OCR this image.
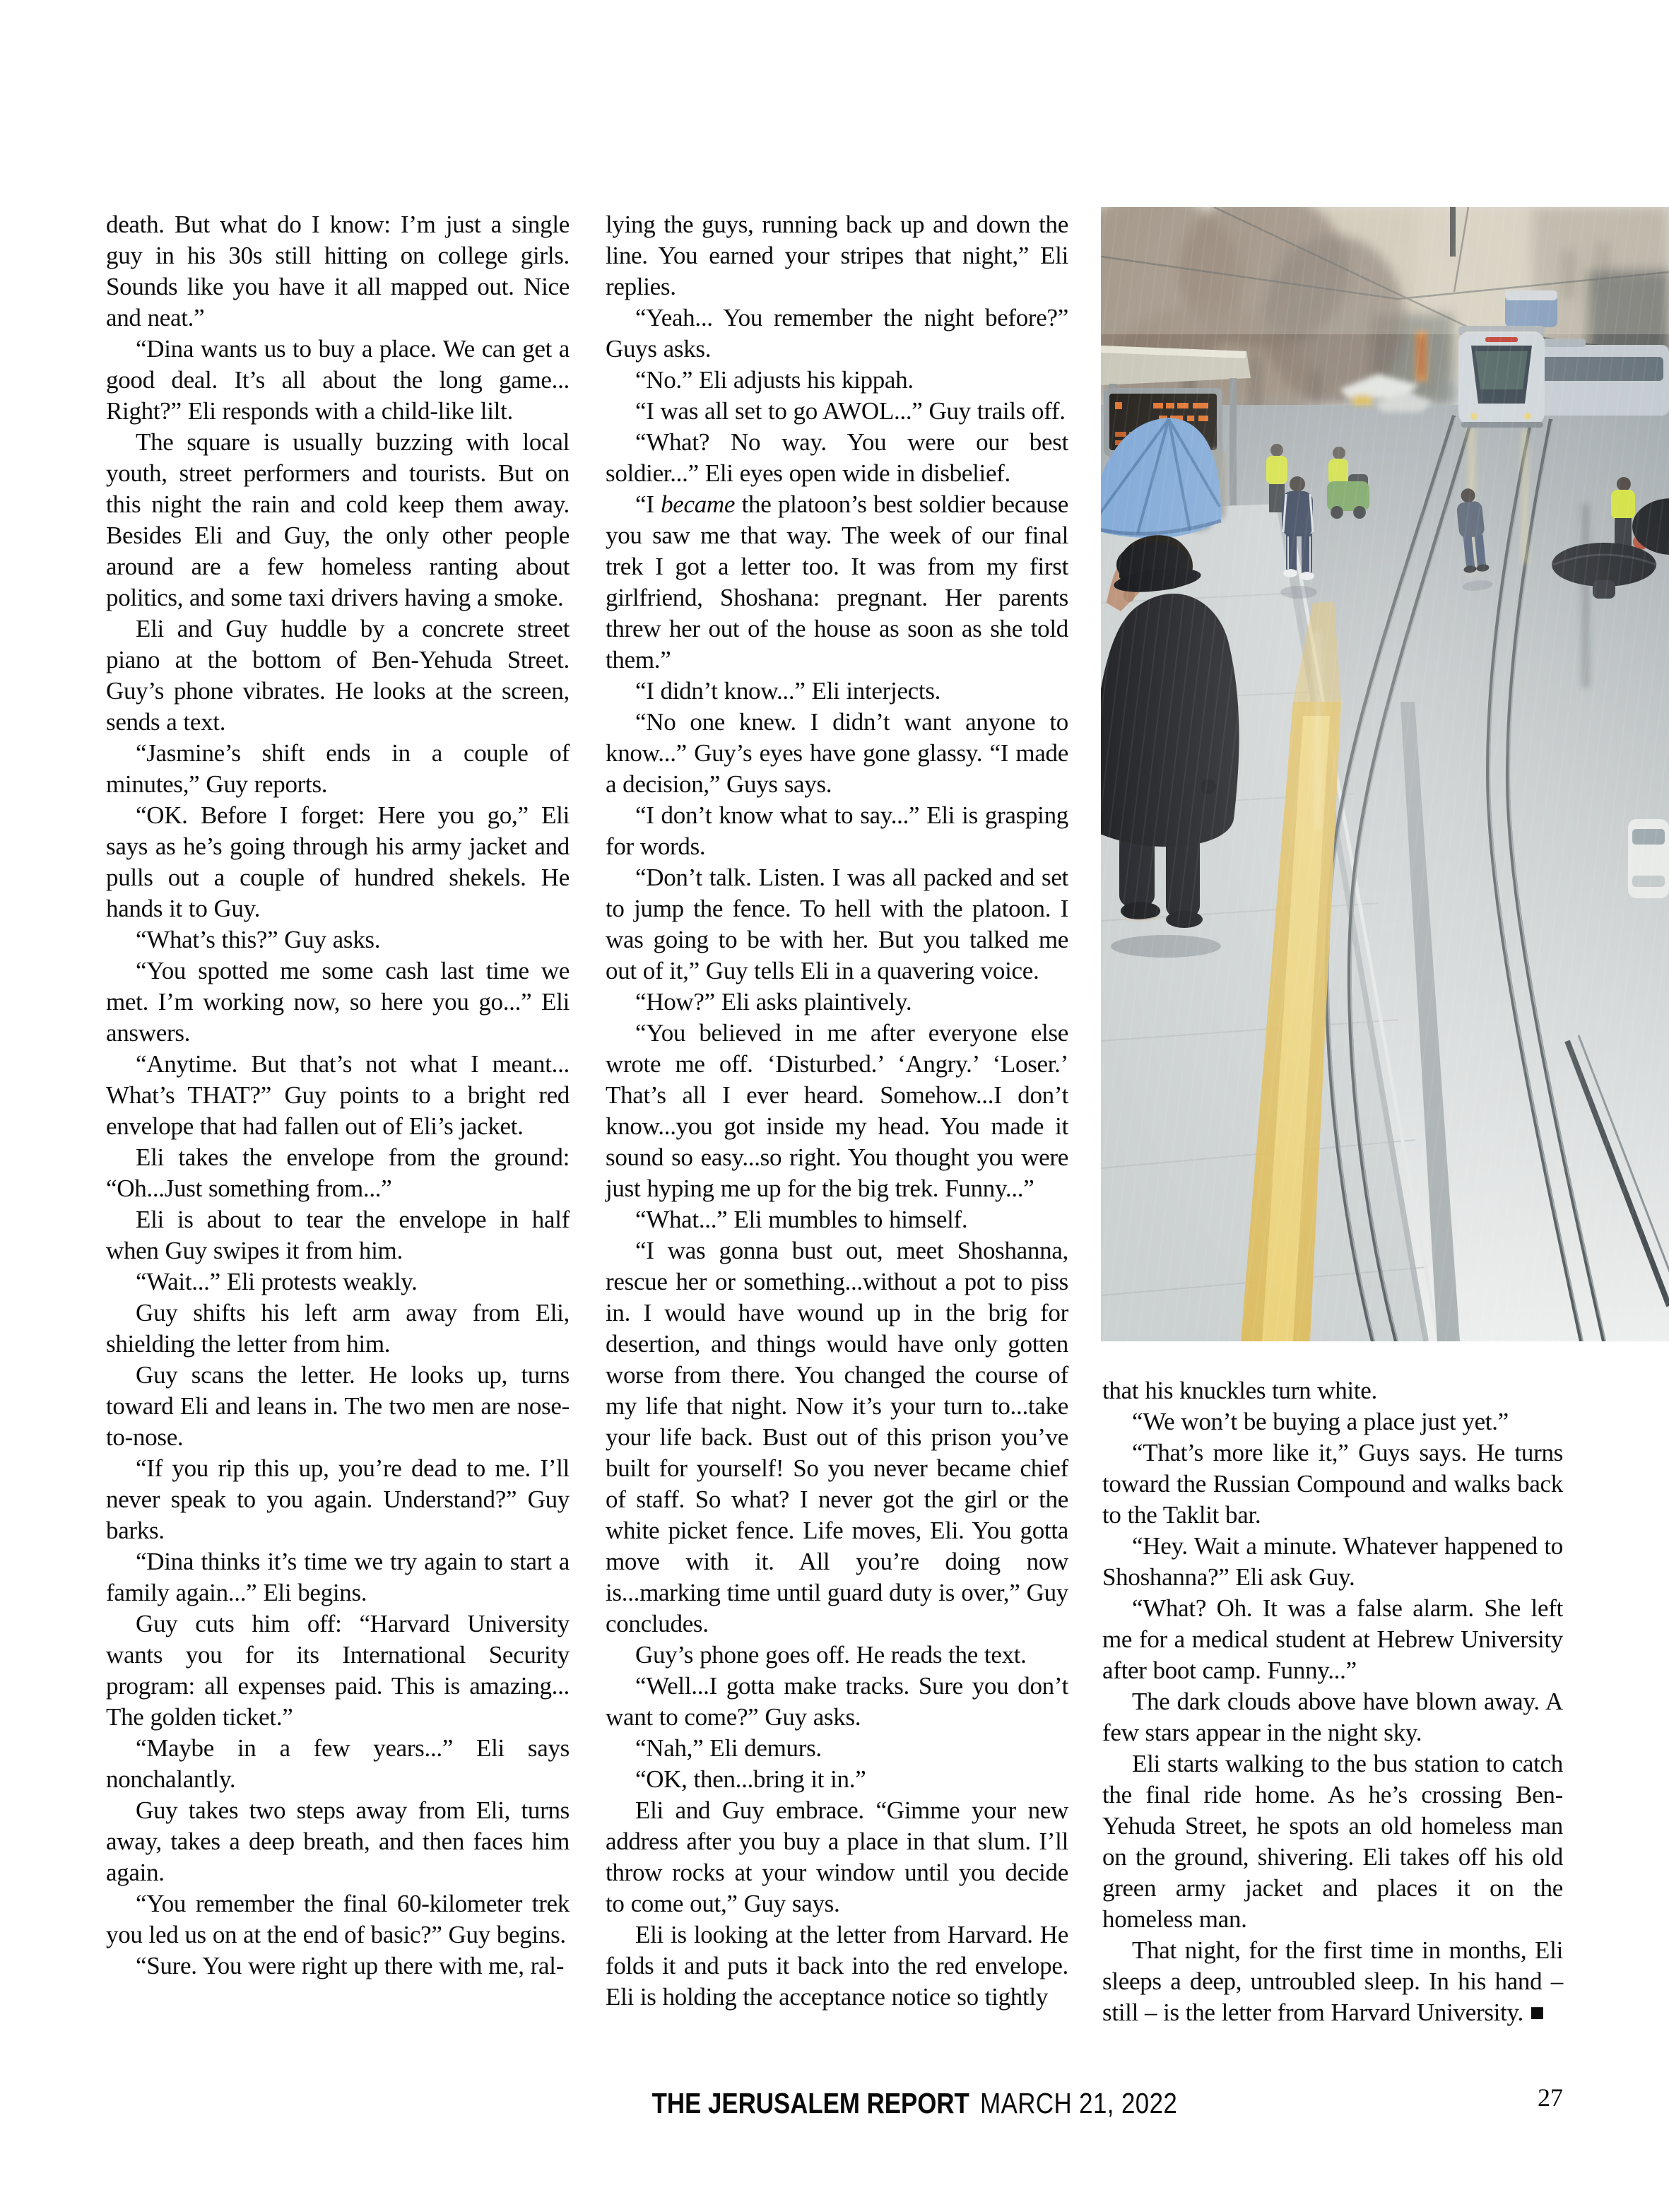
death. But what do I know: I’m just a single guy in his 30s still hitting on college girls. Sounds like you have it all mapped out. Nice and neat.”

“Dina wants us to buy a place. We can get a good deal. It’s all about the long game... Right?” Eli responds with a child-like lilt.

The square is usually buzzing with local youth, street performers and tourists. But on this night the rain and cold keep them away. Besides Eli and Guy, the only other people around are a few homeless ranting about politics, and some taxi drivers having a smoke.

Eli and Guy huddle by a concrete street piano at the bottom of Ben-Yehuda Street. Guy’s phone vibrates. He looks at the screen, sends a text.

“Jasmine’s shift ends in a couple of minutes,” Guy reports.

“OK. Before I forget: Here you go,” Eli says as he’s going through his army jacket and pulls out a couple of hundred shekels. He hands it to Guy.

“What’s this?” Guy asks.

“You spotted me some cash last time we met. I’m working now, so here you go...” Eli answers.

“Anytime. But that’s not what I meant... What’s THAT?” Guy points to a bright red envelope that had fallen out of Eli’s jacket.

Eli takes the envelope from the ground: “Oh...Just something from...”

Eli is about to tear the envelope in half when Guy swipes it from him.

“Wait...” Eli protests weakly.

Guy shifts his left arm away from Eli, shielding the letter from him.

Guy scans the letter. He looks up, turns toward Eli and leans in. The two men are nose-to-nose.

“If you rip this up, you’re dead to me. I’ll never speak to you again. Understand?” Guy barks.

“Dina thinks it’s time we try again to start a family again...” Eli begins.

Guy cuts him off: “Harvard University wants you for its International Security program: all expenses paid. This is amazing... The golden ticket.”

“Maybe in a few years...” Eli says nonchalantly.

Guy takes two steps away from Eli, turns away, takes a deep breath, and then faces him again.

“You remember the final 60-kilometer trek you led us on at the end of basic?” Guy begins.

“Sure. You were right up there with me, ral-

lying the guys, running back up and down the line. You earned your stripes that night,” Eli replies.

“Yeah... You remember the night before?” Guys asks.

“No.” Eli adjusts his kippah.

“I was all set to go AWOL...” Guy trails off.

“What? No way. You were our best soldier...” Eli eyes open wide in disbelief.

“I became the platoon’s best soldier because you saw me that way. The week of our final trek I got a letter too. It was from my first girlfriend, Shoshana: pregnant. Her parents threw her out of the house as soon as she told them.”

“I didn’t know...” Eli interjects.

“No one knew. I didn’t want anyone to know...” Guy’s eyes have gone glassy. “I made a decision,” Guys says.

“I don’t know what to say...” Eli is grasping for words.

“Don’t talk. Listen. I was all packed and set to jump the fence. To hell with the platoon. I was going to be with her. But you talked me out of it,” Guy tells Eli in a quavering voice.

“How?” Eli asks plaintively.

“You believed in me after everyone else wrote me off. ‘Disturbed.’ ‘Angry.’ ‘Loser.’ That’s all I ever heard. Somehow...I don’t know...you got inside my head. You made it sound so easy...so right. You thought you were just hyping me up for the big trek. Funny...”

“What...” Eli mumbles to himself.

“I was gonna bust out, meet Shoshanna, rescue her or something...without a pot to piss in. I would have wound up in the brig for desertion, and things would have only gotten worse from there. You changed the course of my life that night. Now it’s your turn to...take your life back. Bust out of this prison you’ve built for yourself! So you never became chief of staff. So what? I never got the girl or the white picket fence. Life moves, Eli. You gotta move with it. All you’re doing now is...marking time until guard duty is over,” Guy concludes.

Guy’s phone goes off. He reads the text.

“Well...I gotta make tracks. Sure you don’t want to come?” Guy asks.

“Nah,” Eli demurs.

“OK, then...bring it in.”

Eli and Guy embrace. “Gimme your new address after you buy a place in that slum. I’ll throw rocks at your window until you decide to come out,” Guy says.

Eli is looking at the letter from Harvard. He folds it and puts it back into the red envelope. Eli is holding the acceptance notice so tightly

that his knuckles turn white.

“We won’t be buying a place just yet.”

“That’s more like it,” Guys says. He turns toward the Russian Compound and walks back to the Taklit bar.

“Hey. Wait a minute. Whatever happened to Shoshanna?” Eli ask Guy.

“What? Oh. It was a false alarm. She left me for a medical student at Hebrew University after boot camp. Funny...”

The dark clouds above have blown away. A few stars appear in the night sky.

Eli starts walking to the bus station to catch the final ride home. As he’s crossing Ben-Yehuda Street, he spots an old homeless man on the ground, shivering. Eli takes off his old green army jacket and places it on the homeless man.

That night, for the first time in months, Eli sleeps a deep, untroubled sleep. In his hand – still – is the letter from Harvard University. ■

THE JERUSALEM REPORT MARCH 21, 2022	27
